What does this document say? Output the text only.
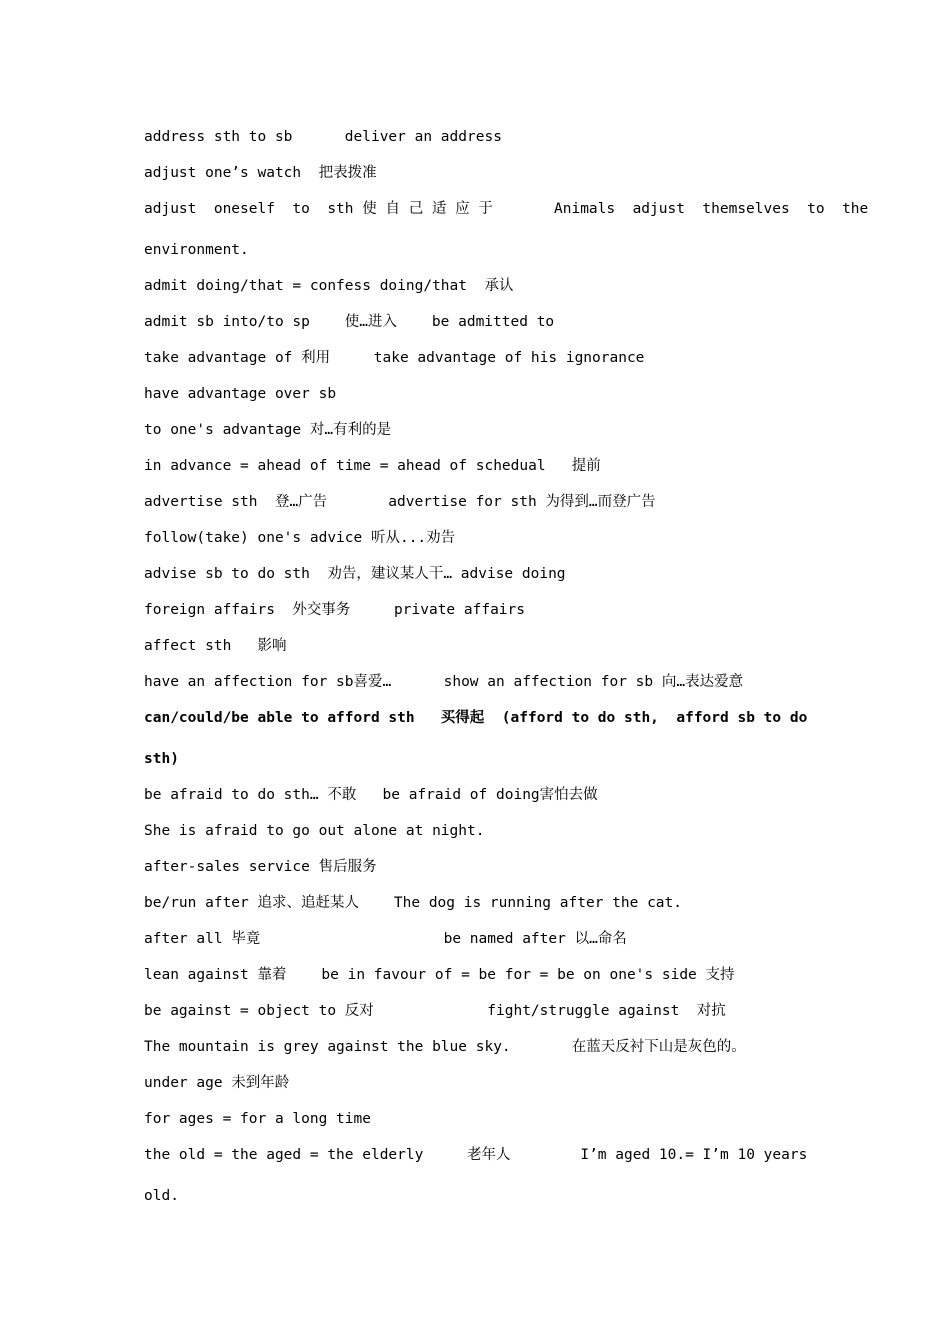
address sth to sb      deliver an address
adjust one’s watch  把表拨准
adjust  oneself  to  sth 使 自 己 适 应 于       Animals  adjust  themselves  to  the
environment.
admit doing/that = confess doing/that  承认
admit sb into/to sp    使…进入    be admitted to
take advantage of 利用     take advantage of his ignorance
have advantage over sb
to one's advantage 对…有利的是
in advance = ahead of time = ahead of schedual   提前
advertise sth  登…广告       advertise for sth 为得到…而登广告
follow(take) one's advice 听从...劝告
advise sb to do sth  劝告，建议某人干… advise doing
foreign affairs  外交事务     private affairs
affect sth   影响
have an affection for sb喜爱…      show an affection for sb 向…表达爱意
can/could/be able to afford sth   买得起  (afford to do sth,  afford sb to do
sth)
be afraid to do sth… 不敢   be afraid of doing害怕去做
She is afraid to go out alone at night.
after-sales service 售后服务
be/run after 追求、追赶某人    The dog is running after the cat.
after all 毕竟                     be named after 以…命名
lean against 靠着    be in favour of = be for = be on one's side 支持
be against = object to 反对             fight/struggle against  对抗
The mountain is grey against the blue sky.       在蓝天反衬下山是灰色的。
under age 未到年龄
for ages = for a long time
the old = the aged = the elderly     老年人        I’m aged 10.= I’m 10 years
old.
